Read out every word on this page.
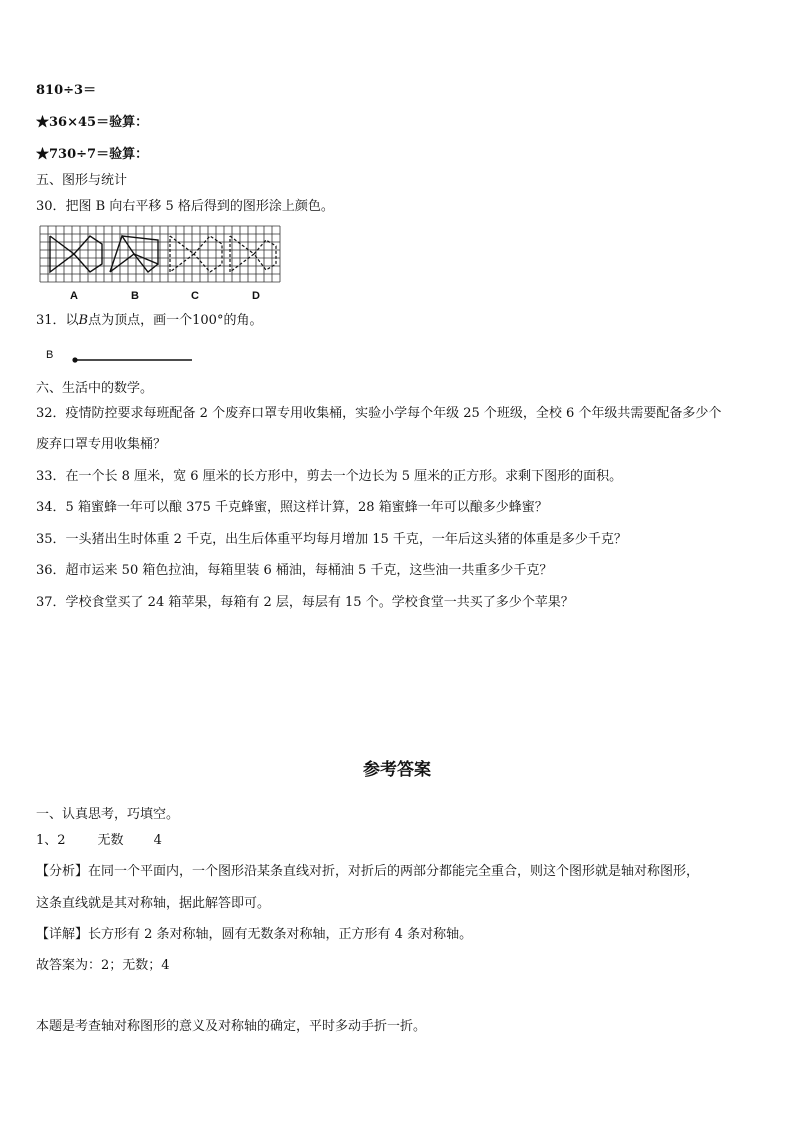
810÷3＝
★36×45＝验算：
★730÷7＝验算：
五、图形与统计
30．把图 B 向右平移 5 格后得到的图形涂上颜色。
A	B	C	D
31．以B点为顶点，画一个100°的角。
B
六、生活中的数学。
32．疫情防控要求每班配备 2 个废弃口罩专用收集桶，实验小学每个年级 25 个班级，全校 6 个年级共需要配备多少个
废弃口罩专用收集桶？
33．在一个长 8 厘米，宽 6 厘米的长方形中，剪去一个边长为 5 厘米的正方形。求剩下图形的面积。
34．5 箱蜜蜂一年可以酿 375 千克蜂蜜，照这样计算，28 箱蜜蜂一年可以酿多少蜂蜜？
35．一头猪出生时体重 2 千克，出生后体重平均每月增加 15 千克，一年后这头猪的体重是多少千克？
36．超市运来 50 箱色拉油，每箱里装 6 桶油，每桶油 5 千克，这些油一共重多少千克？
37．学校食堂买了 24 箱苹果，每箱有 2 层，每层有 15 个。学校食堂一共买了多少个苹果？
参考答案
一、认真思考，巧填空。
1、2 无数 4
【分析】在同一个平面内，一个图形沿某条直线对折，对折后的两部分都能完全重合，则这个图形就是轴对称图形，
这条直线就是其对称轴，据此解答即可。
【详解】长方形有 2 条对称轴，圆有无数条对称轴，正方形有 4 条对称轴。
故答案为：2；无数；4
本题是考查轴对称图形的意义及对称轴的确定，平时多动手折一折。
